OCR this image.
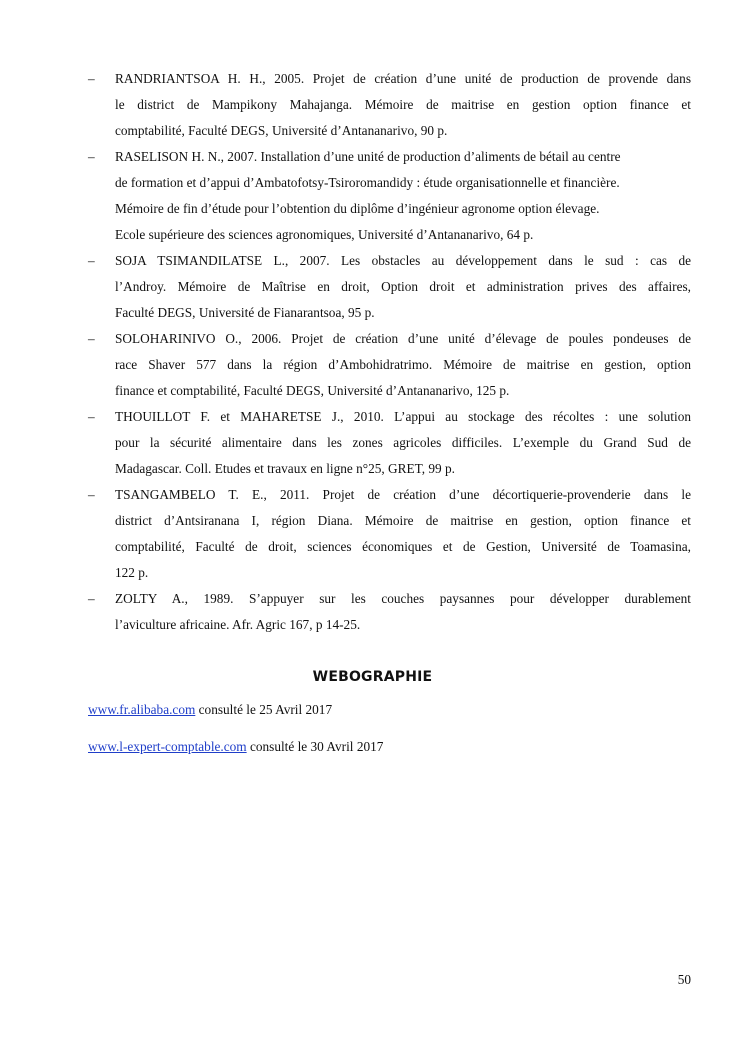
–	RANDRIANTSOA H. H., 2005. Projet de création d’une unité de production de provende dans
le district de Mampikony Mahajanga. Mémoire de maitrise en gestion option finance et
comptabilité, Faculté DEGS, Université d’Antananarivo, 90 p.
–	RASELISON H. N., 2007. Installation d’une unité de production d’aliments de bétail au centre
de formation et d’appui d’Ambatofotsy-Tsiroromandidy : étude organisationnelle et financière.
Mémoire de fin d’étude pour l’obtention du diplôme d’ingénieur agronome option élevage.
Ecole supérieure des sciences agronomiques, Université d’Antananarivo, 64 p.
–	SOJA TSIMANDILATSE L., 2007. Les obstacles au développement dans le sud : cas de
l’Androy. Mémoire de Maîtrise en droit, Option droit et administration prives des affaires,
Faculté DEGS, Université de Fianarantsoa, 95 p.
–	SOLOHARINIVO O., 2006. Projet de création d’une unité d’élevage de poules pondeuses de
race Shaver 577 dans la région d’Ambohidratrimo. Mémoire de maitrise en gestion, option
finance et comptabilité, Faculté DEGS, Université d’Antananarivo, 125 p.
–	THOUILLOT F. et MAHARETSE J., 2010. L’appui au stockage des récoltes : une solution
pour la sécurité alimentaire dans les zones agricoles difficiles. L’exemple du Grand Sud de
Madagascar. Coll. Etudes et travaux en ligne n°25, GRET, 99 p.
–	TSANGAMBELO T. E., 2011. Projet de création d’une décortiquerie-provenderie dans le
district d’Antsiranana I, région Diana. Mémoire de maitrise en gestion, option finance et
comptabilité, Faculté de droit, sciences économiques et de Gestion, Université de Toamasina,
122 p.
–	ZOLTY A., 1989. S’appuyer sur les couches paysannes pour développer durablement
l’aviculture africaine. Afr. Agric 167, p 14-25.
WEBOGRAPHIE
www.fr.alibaba.com consulté le 25 Avril 2017
www.l-expert-comptable.com consulté le 30 Avril 2017
50
